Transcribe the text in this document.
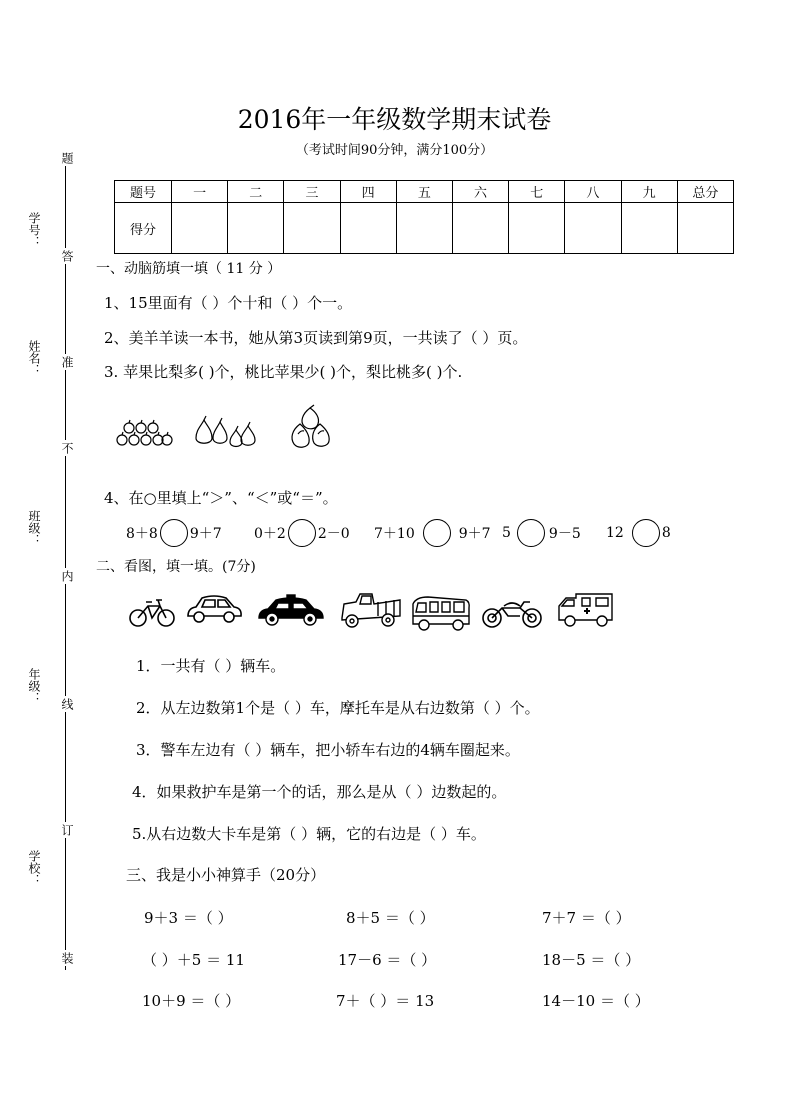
学号：
姓名：
班级：
年级：
学校：
题
答
准
不
内
线
订
装
2016年一年级数学期末试卷
（考试时间90分钟，满分100分）
题号	一	二	三	四	五	六	七	八	九	总分
得分										
一、动脑筋填一填（ 11 分 ）
1、15里面有（ ）个十和（ ）个一。
2、美羊羊读一本书，她从第3页读到第9页，一共读了（ ）页。
3. 苹果比梨多( )个，桃比苹果少( )个，梨比桃多( )个.
4、在○里填上“＞”、“＜”或“＝”。
8＋8 9＋7 0＋2 2－0 7＋10	9＋7 5	9－5 12	8
二、看图，填一填。(7分)
1．一共有（ ）辆车。
2．从左边数第1个是（ ）车，摩托车是从右边数第（ ）个。
3．警车左边有（ ）辆车，把小轿车右边的4辆车圈起来。
4．如果救护车是第一个的话，那么是从（ ）边数起的。
5.从右边数大卡车是第（ ）辆，它的右边是（ ）车。
三、我是小小神算手（20分）
9＋3 ＝（ ）	8＋5 ＝（ ）	7＋7 ＝（ ）
（ ）＋5 ＝ 11	17－6 ＝（ ）	18－5 ＝（ ）
10＋9 ＝（ ）	7＋（ ）＝ 13	14－10 ＝（ ）
